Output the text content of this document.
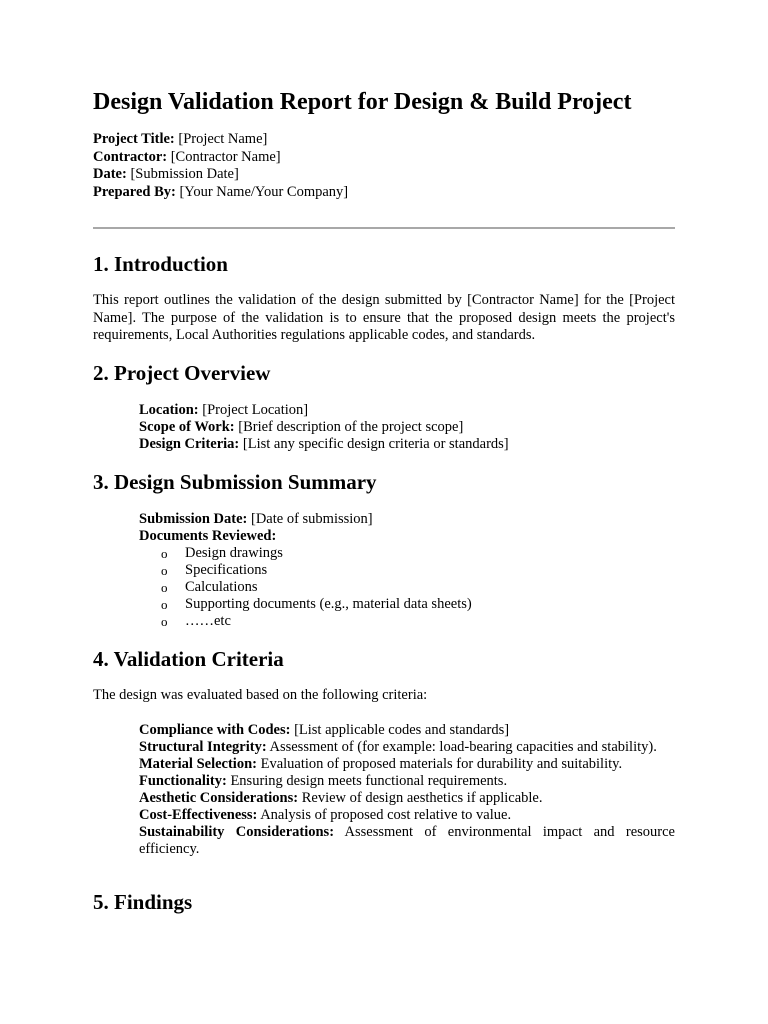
Design Validation Report for Design & Build Project
Project Title: [Project Name]
Contractor: [Contractor Name]
Date: [Submission Date]
Prepared By: [Your Name/Your Company]
1. Introduction

This report outlines the validation of the design submitted by [Contractor Name] for the [Project Name]. The purpose of the validation is to ensure that the proposed design meets the project's requirements, Local Authorities regulations applicable codes, and standards.

2. Project Overview

Location: [Project Location]

Scope of Work: [Brief description of the project scope]

Design Criteria: [List any specific design criteria or standards]

3. Design Submission Summary

Submission Date: [Date of submission]

Documents Reviewed:

o Design drawings
o Specifications
o Calculations
o Supporting documents (e.g., material data sheets)
o ……etc
4. Validation Criteria

The design was evaluated based on the following criteria:

Compliance with Codes: [List applicable codes and standards]

Structural Integrity: Assessment of (for example: load-bearing capacities and stability).

Material Selection: Evaluation of proposed materials for durability and suitability.

Functionality: Ensuring design meets functional requirements.

Aesthetic Considerations: Review of design aesthetics if applicable.

Cost-Effectiveness: Analysis of proposed cost relative to value.

Sustainability Considerations: Assessment of environmental impact and resource efficiency.

5. Findings
